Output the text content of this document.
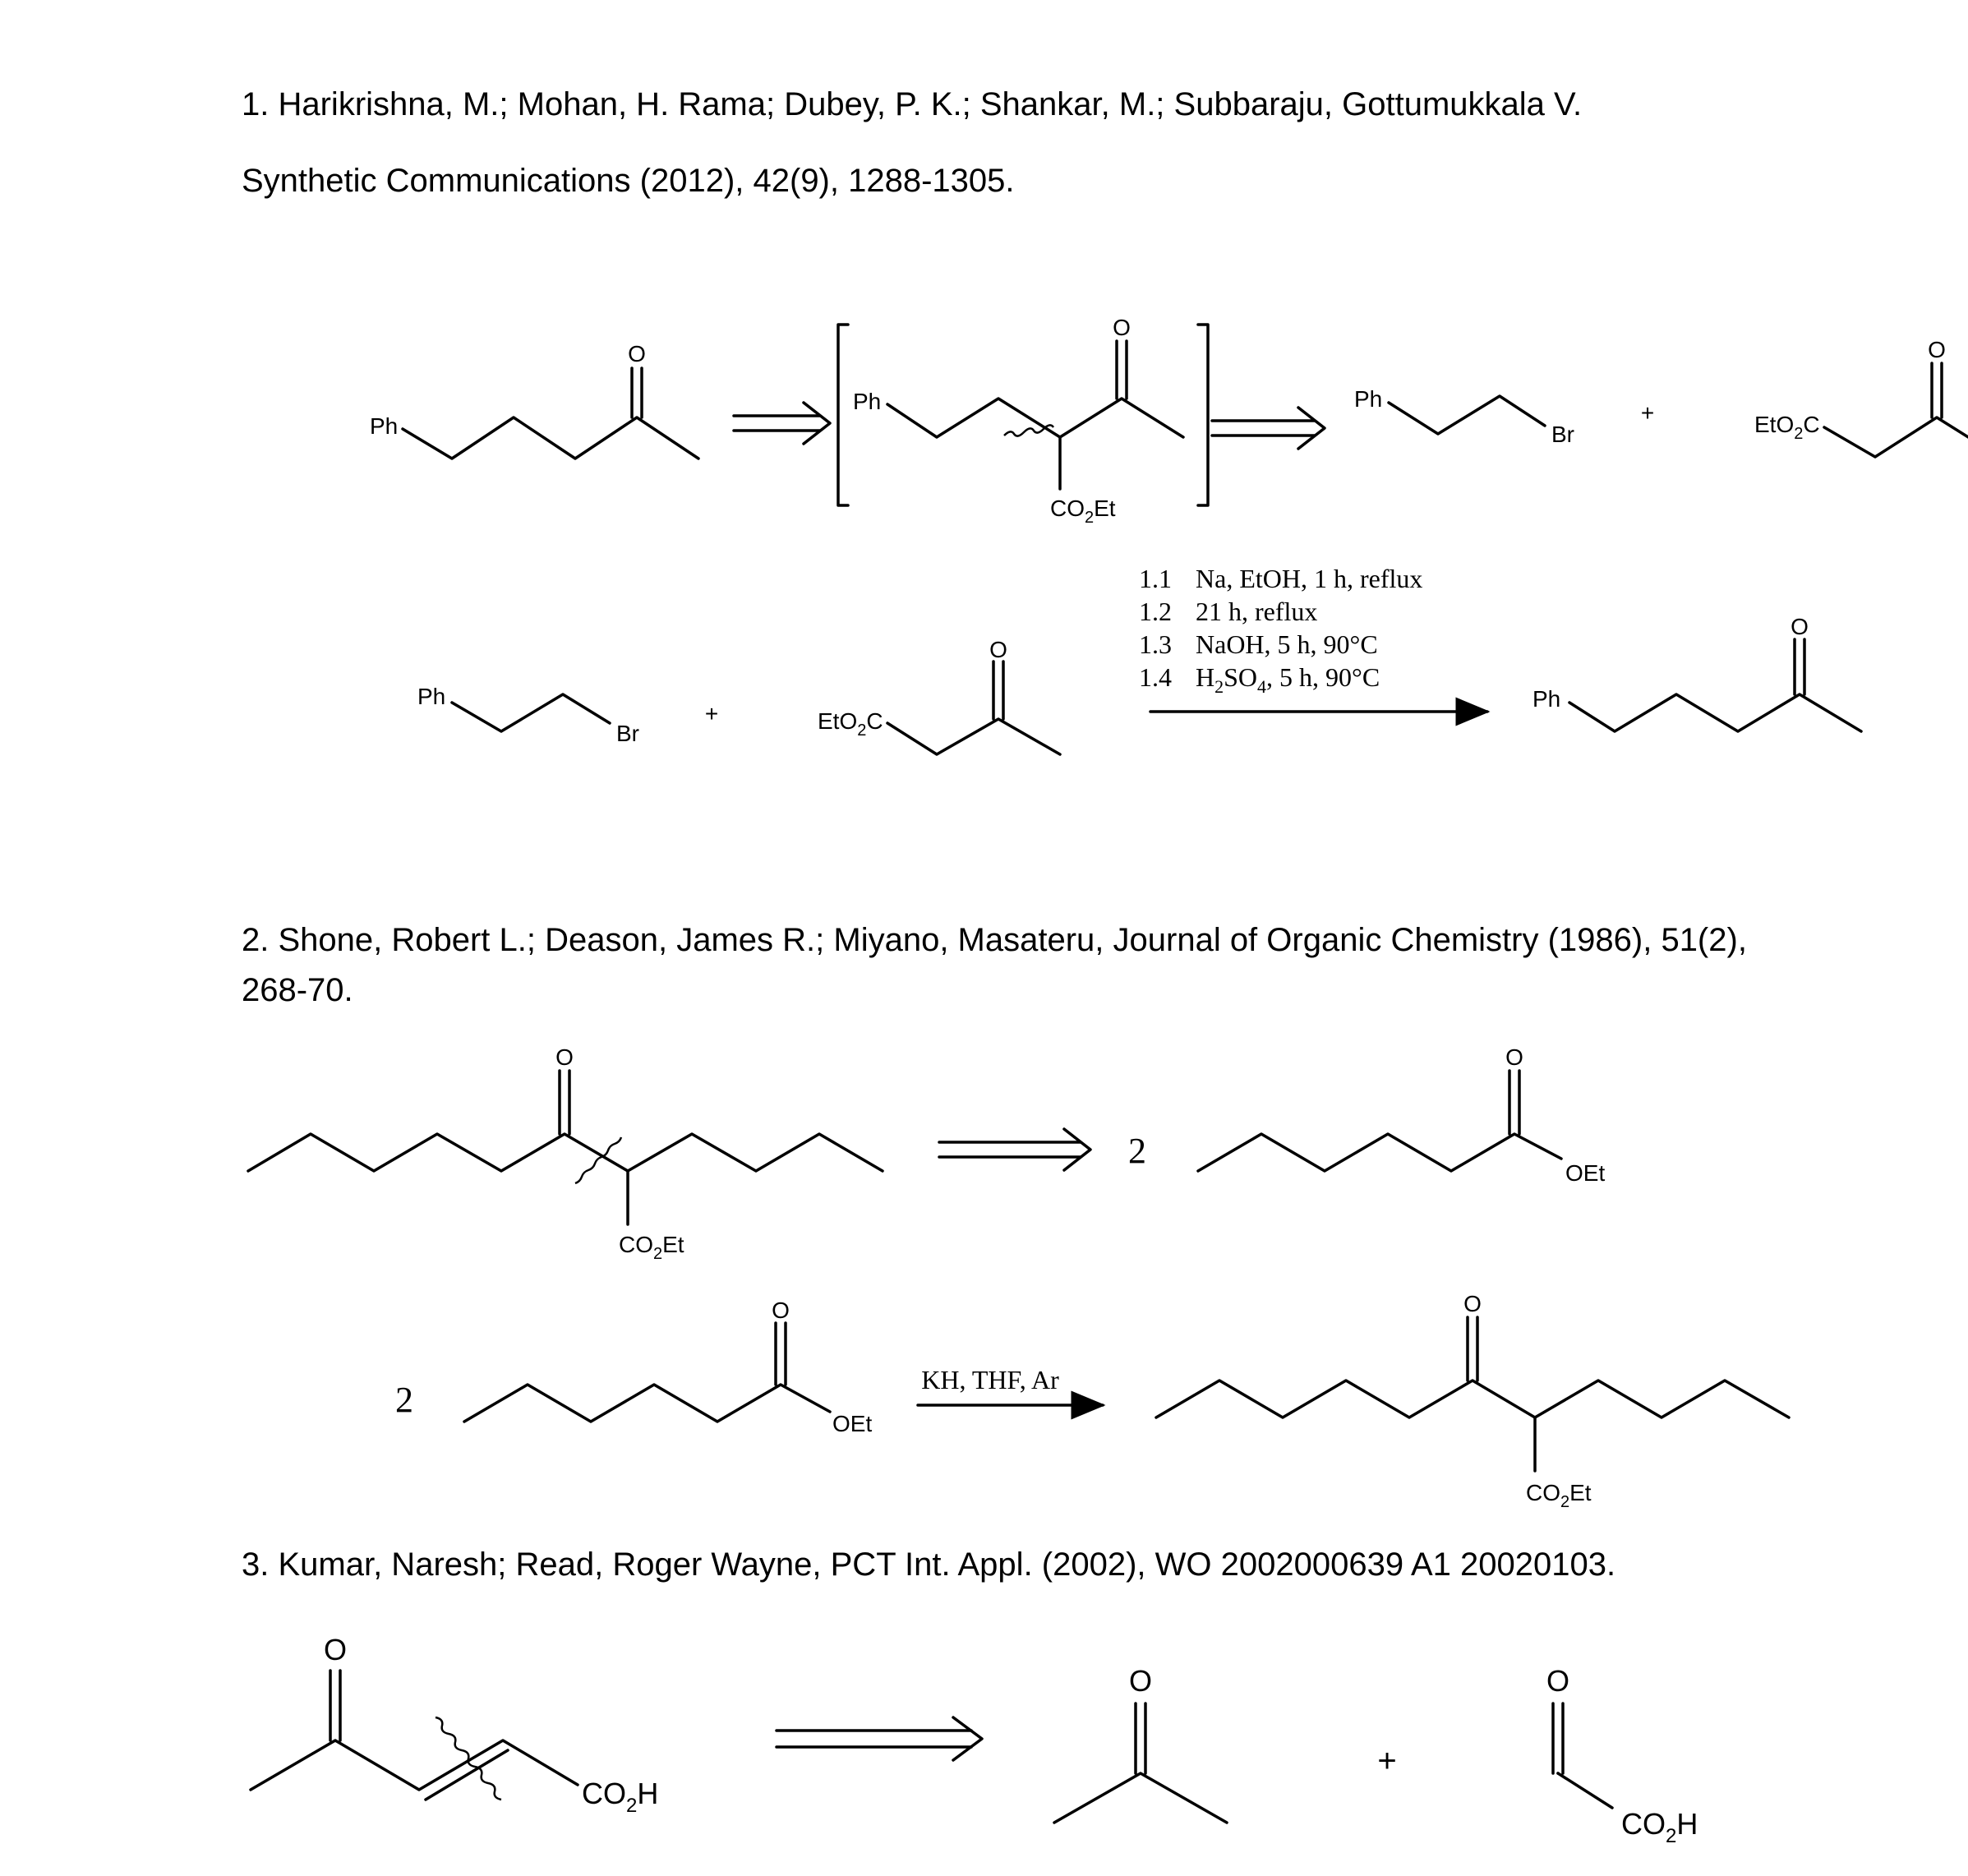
1. Harikrishna, M.; Mohan, H. Rama; Dubey, P. K.; Shankar, M.; Subbaraju, Gottumukkala V.
Synthetic Communications (2012), 42(9), 1288-1305.
2. Shone, Robert L.; Deason, James R.; Miyano, Masateru, Journal of Organic Chemistry (1986), 51(2),
268-70.
3. Kumar, Naresh; Read, Roger Wayne, PCT Int. Appl. (2002), WO 2002000639 A1 20020103.
O
Ph
Ph
O
$CO_2Et$
Ph
Br
+	EtO$_2$C
O
Ph
Br
+	EtO$_2$C
O
1.1 Na, EtOH, 1 h, reflux
1.2 21 h, reflux
1.3 NaOH, 5 h, 90°C
1.4 $H_2SO_4$, 5 h, 90°C
Ph
O
O
$CO_2Et$
2
O
OEt
2
O
OEt
KH, THF, Ar
O
$CO_2Et$
O
$CO_2H$
O
+
O
$CO_2H$
